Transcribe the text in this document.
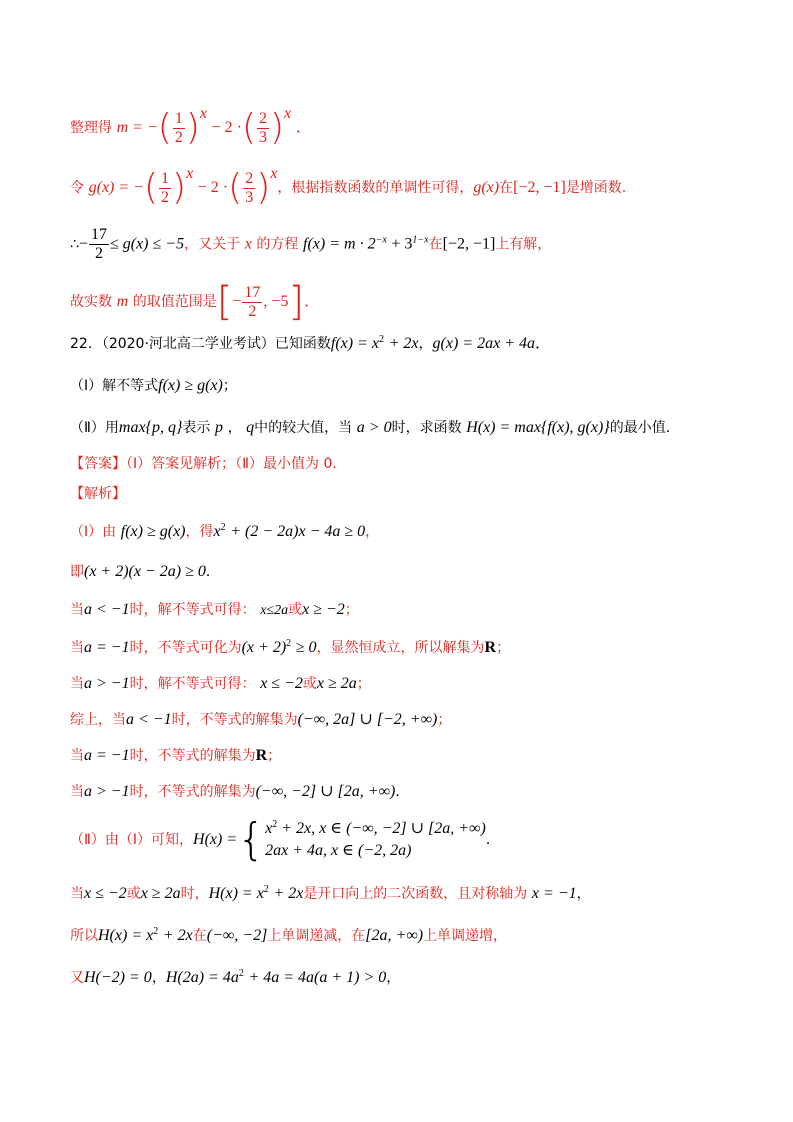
整理得 m = −( $\frac{1}{2} )^x - 2$ ·( $\frac{2}{3} )^x$ ．
令 g(x) = −( $\frac{1}{2} )^x - 2$ ·( $\frac{2}{3} )^x$，根据指数函数的单调性可得，g(x)在[−2, −1]是增函数.
∴− $\frac{17}{2} \le g(x) \le -5$，又关于 x 的方程 $f(x) = m \cdot 2^{-x} + 3^{1-x}$在[−2, −1]上有解，
故实数 m 的取值范围是[− $\frac{17}{2}$ , −5]．
22．（2020·河北高二学业考试）已知函数$f(x) = x^2 + 2x$，g(x) = 2ax + 4a．
（Ⅰ）解不等式f(x) ≥ g(x)；
（Ⅱ）用max{p, q}表示 p ， q中的较大值，当 a > 0时，求函数 H(x) = max{f(x), g(x)}的最小值．
【答案】（Ⅰ）答案见解析；（Ⅱ）最小值为 0．
【解析】
（Ⅰ）由 f(x) ≥ g(x)，得$x^2 + (2 - 2a)x - 4a \ge 0$，
即(x + 2)(x − 2a) ≥ 0．
当a < −1时，解不等式可得： x≤2a或x ≥ −2；
当a = −1时，不等式可化为$(x + 2)^2 \ge 0$，显然恒成立，所以解集为R；
当a > −1时，解不等式可得： x ≤ −2或x ≥ 2a；
综上，当a < −1时，不等式的解集为(−∞, 2a] ∪ [−2, +∞)；
当a = −1时，不等式的解集为R；
当a > −1时，不等式的解集为(−∞, −2] ∪ [2a, +∞)．
（Ⅱ）由（Ⅰ）可知，H(x) ={ $x^2 + 2x$, x ∈ (−∞, −2] ∪ [2a, +∞)
2ax + 4a, x ∈ (−2, 2a)
．
当x ≤ −2或x ≥ 2a时，$H(x) = x^2 + 2x$是开口向上的二次函数，且对称轴为 x = −1，
所以$H(x) = x^2 + 2x$在(−∞, −2]上单调递减，在[2a, +∞)上单调递增，
又H(−2) = 0，$H(2a) = 4a^2 + 4a = 4a(a + 1) > 0$，
